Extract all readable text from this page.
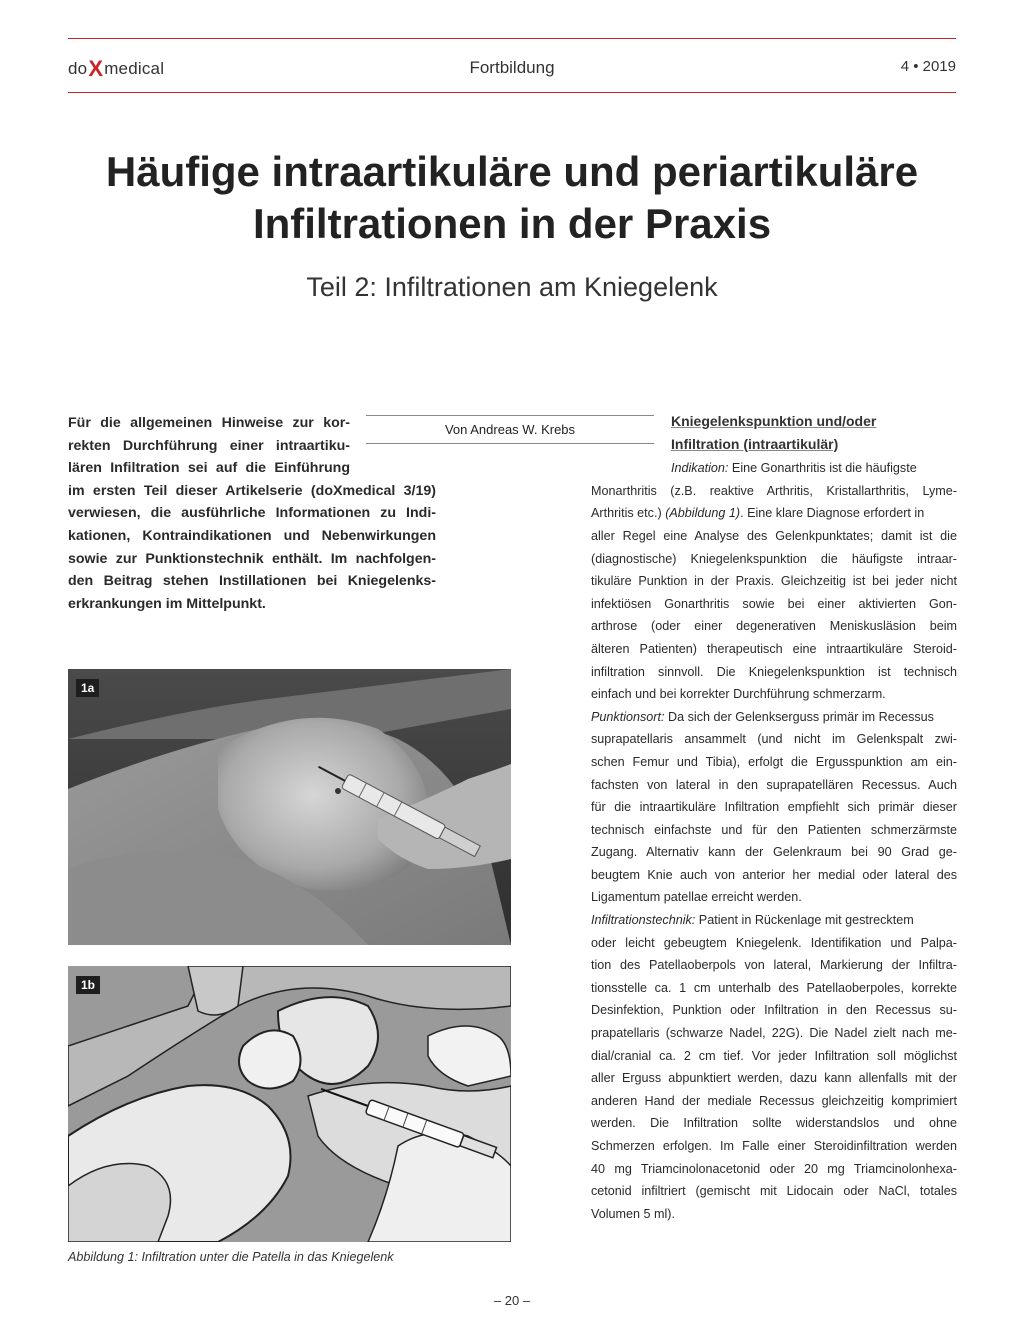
doXmedical	Fortbildung	4 • 2019
Häufige intraartikuläre und periartikuläre
Infiltrationen in der Praxis
Teil 2: Infiltrationen am Kniegelenk
Für die allgemeinen Hinweise zur kor-
rekten Durchführung einer intraartiku-
lären Infiltration sei auf die Einführung
im ersten Teil dieser Artikelserie (doXmedical 3/19)
verwiesen, die ausführliche Informationen zu Indi-
kationen, Kontraindikationen und Nebenwirkungen
sowie zur Punktionstechnik enthält. Im nachfolgen-
den Beitrag stehen Instillationen bei Kniegelenks-
erkrankungen im Mittelpunkt.
Von Andreas W. Krebs
Kniegelenkspunktion und/oder
Infiltration (intraartikulär)
Indikation: Eine Gonarthritis ist die häufigste
Monarthritis (z.B. reaktive Arthritis, Kristallarthritis, Lyme-
Arthritis etc.) (Abbildung 1). Eine klare Diagnose erfordert in
aller Regel eine Analyse des Gelenkpunktates; damit ist die
(diagnostische) Kniegelenkspunktion die häufigste intraar-
tikuläre Punktion in der Praxis. Gleichzeitig ist bei jeder nicht
infektiösen Gonarthritis sowie bei einer aktivierten Gon-
arthrose (oder einer degenerativen Meniskusläsion beim
älteren Patienten) therapeutisch eine intraartikuläre Steroid-
infiltration sinnvoll. Die Kniegelenkspunktion ist technisch
einfach und bei korrekter Durchführung schmerzarm.
Punktionsort: Da sich der Gelenkserguss primär im Recessus
suprapatellaris ansammelt (und nicht im Gelenkspalt zwi-
schen Femur und Tibia), erfolgt die Ergusspunktion am ein-
fachsten von lateral in den suprapatellären Recessus. Auch
für die intraartikuläre Infiltration empfiehlt sich primär dieser
technisch einfachste und für den Patienten schmerzärmste
Zugang. Alternativ kann der Gelenkraum bei 90 Grad ge-
beugtem Knie auch von anterior her medial oder lateral des
Ligamentum patellae erreicht werden.
Infiltrationstechnik: Patient in Rückenlage mit gestrecktem
oder leicht gebeugtem Kniegelenk. Identifikation und Palpa-
tion des Patellaoberpols von lateral, Markierung der Infiltra-
tionsstelle ca. 1 cm unterhalb des Patellaoberpoles, korrekte
Desinfektion, Punktion oder Infiltration in den Recessus su-
prapatellaris (schwarze Nadel, 22G). Die Nadel zielt nach me-
dial/cranial ca. 2 cm tief. Vor jeder Infiltration soll möglichst
aller Erguss abpunktiert werden, dazu kann allenfalls mit der
anderen Hand der mediale Recessus gleichzeitig komprimiert
werden. Die Infiltration sollte widerstandslos und ohne
Schmerzen erfolgen. Im Falle einer Steroidinfiltration werden
40 mg Triamcinolonacetonid oder 20 mg Triamcinolonhexa-
cetonid infiltriert (gemischt mit Lidocain oder NaCl, totales
Volumen 5 ml).
1a
1b
Abbildung 1: Infiltration unter die Patella in das Kniegelenk
– 20 –
